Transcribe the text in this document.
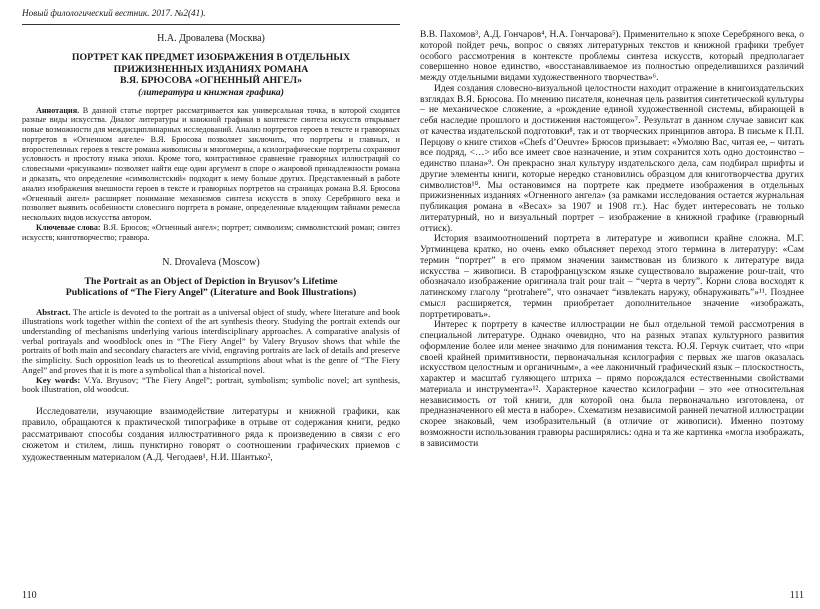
Новый филологический вестник. 2017. №2(41).
Н.А. Дровалева (Москва)
ПОРТРЕТ КАК ПРЕДМЕТ ИЗОБРАЖЕНИЯ В ОТДЕЛЬНЫХ
ПРИЖИЗНЕННЫХ ИЗДАНИЯХ РОМАНА
В.Я. БРЮСОВА «ОГНЕННЫЙ АНГЕЛ»
(литература и книжная графика)

Аннотация. В данной статье портрет рассматривается как универсальная точка, в которой сходятся разные виды искусства. Диалог литературы и книжной графики в контексте синтеза искусств открывает новые возможности для междисциплинарных исследований. Анализ портретов героев в тексте и гравюрных портретов в «Огненном ангеле» В.Я. Брюсова позволяет заключить, что портреты и главных, и второстепенных героев в тексте романа живописны и многомерны, а ксилографические портреты сохраняют условность и простоту языка эпохи. Кроме того, контрастивное сравнение гравюрных иллюстраций со словесными «рисунками» позволяет найти еще один аргумент в споре о жанровой принадлежности романа и доказать, что определение «символистский» подходит к нему больше других. Представленный в работе анализ изображения внешности героев в тексте и гравюрных портретов на страницах романа В.Я. Брюсова «Огненный ангел» расширяет понимание механизмов синтеза искусств в эпоху Серебряного века и позволяет выявить особенности словесного портрета в романе, определенные владеющим тайнами ремесла нескольких видов искусства автором.

Ключевые слова: В.Я. Брюсов; «Огненный ангел»; портрет; символизм; символистский роман; синтез искусств; книготворчество; гравюра.

N. Drovaleva (Moscow)
The Portrait as an Object of Depiction in Bryusov’s Lifetime
Publications of “The Fiery Angel” (Literature and Book Illustrations)

Abstract. The article is devoted to the portrait as a universal object of study, where literature and book illustrations work together within the context of the art synthesis theory. Studying the portrait extends our understanding of mechanisms underlying various interdisciplinary approaches. A comparative analysis of verbal portrayals and woodblock ones in “The Fiery Angel” by Valery Bryusov shows that while the portraits of both main and secondary characters are vivid, engraving portraits are lack of details and preserve the simplicity. Such opposition leads us to theoretical assumptions about what is the genre of “The Fiery Angel” and proves that it is more a symbolical than a historical novel.

Key words: V.Ya. Bryusov; “The Fiery Angel”; portrait, symbolism; symbolic novel; art synthesis, book illustration, old woodcut.

Исследователи, изучающие взаимодействие литературы и книжной графики, как правило, обращаются к практической типографике в отрыве от содержания книги, редко рассматривают способы создания иллюстративного ряда к произведению в связи с его сюжетом и стилем, лишь пунктирно говорят о соотношении графических приемов с художественным материалом (А.Д. Чегодаев¹, Н.И. Шантько²,

110

В.В. Пахомов³, А.Д. Гончаров⁴, Н.А. Гончарова⁵). Применительно к эпохе Серебряного века, о которой пойдет речь, вопрос о связях литературных текстов и книжной графики требует особого рассмотрения в контексте проблемы синтеза искусств, который предполагает совершенно новое единство, «восстанавливаемое из полностью определившихся различий между отдельными видами художественного творчества»⁶.

Идея создания словесно-визуальной целостности находит отражение в книгоиздательских взглядах В.Я. Брюсова. По мнению писателя, конечная цель развития синтетической культуры – не механическое сложение, а «рождение единой художественной системы, вбирающей в себя наследие прошлого и достижения настоящего»⁷. Результат в данном случае зависит как от качества издательской подготовки⁸, так и от творческих принципов автора. В письме к П.П. Перцову о книге стихов «Chefs d’Oeuvre» Брюсов призывает: «Умоляю Вас, читая ее, – читать все подряд, <…> ибо все имеет свое назначение, и этим сохранится хоть одно достоинство – единство плана»⁹. Он прекрасно знал культуру издательского дела, сам подбирал шрифты и другие элементы книги, которые нередко становились образцом для книготворчества других символистов¹⁰. Мы остановимся на портрете как предмете изображения в отдельных прижизненных изданиях «Огненного ангела» (за рамками исследования остается журнальная публикация романа в «Весах» за 1907 и 1908 гг.). Нас будет интересовать не только литературный, но и визуальный портрет – изображение в книжной графике (гравюрный оттиск).

История взаимоотношений портрета в литературе и живописи крайне сложна. М.Г. Уртминцева кратко, но очень емко объясняет переход этого термина в литературу: «Сам термин “портрет” в его прямом значении заимствован из близкого к литературе вида искусства – живописи. В старофранцузском языке существовало выражение pour-trait, что обозначало изображение оригинала trait pour trait – “черта в черту”. Корни слова восходят к латинскому глаголу “protrahere”, что означает “извлекать наружу, обнаруживать”»¹¹. Позднее смысл расширяется, термин приобретает дополнительное значение «изображать, портретировать».

Интерес к портрету в качестве иллюстрации не был отдельной темой рассмотрения в специальной литературе. Однако очевидно, что на разных этапах культурного развития оформление более или менее значимо для понимания текста. Ю.Я. Герчук считает, что «при своей крайней примитивности, первоначальная ксилография с первых же шагов оказалась искусством целостным и органичным», а «ее лаконичный графический язык – плоскостность, характер и масштаб гуляющего штриха – прямо порождался естественными свойствами материала и инструмента»¹². Характерное качество ксилографии – это «ее относительная независимость от той книги, для которой она была первоначально изготовлена, от предназначенного ей места в наборе». Схематизм независимой ранней печатной иллюстрации скорее знаковый, чем изобразительный (в отличие от живописи). Именно поэтому возможности использования гравюры расширялись: одна и та же картинка «могла изображать, в зависимости

111
